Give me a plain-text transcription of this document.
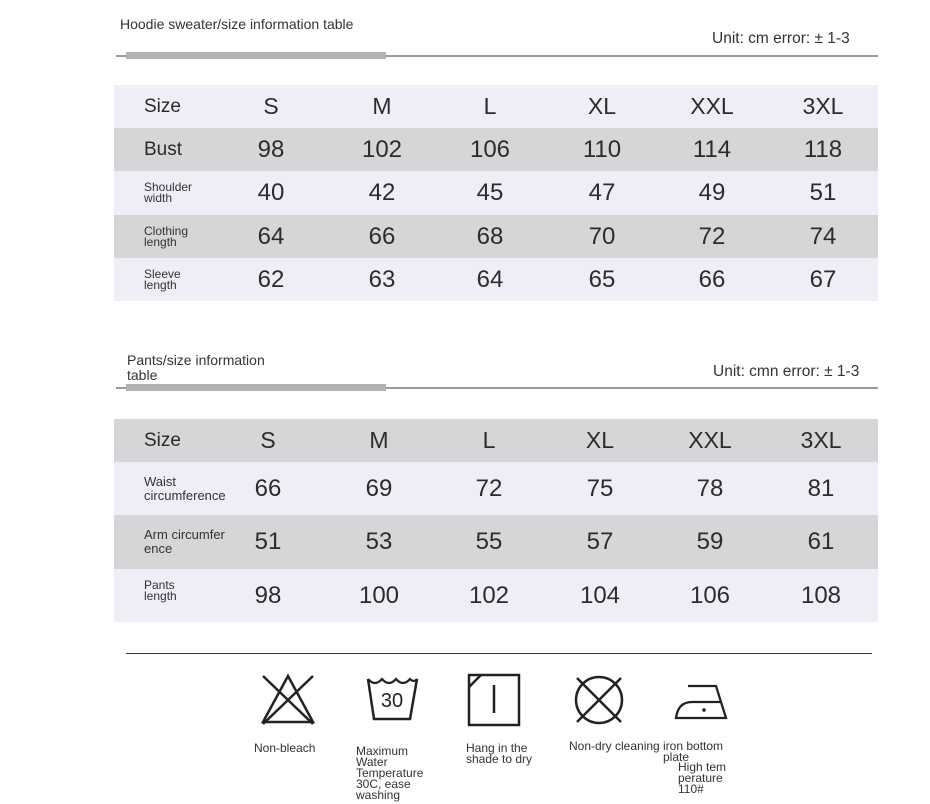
Hoodie sweater/size information table
Unit: cm error: ± 1-3
Size	S	M	L	XL	XXL	3XL
Bust	98	102	106	110	114	118
Shoulder width	40	42	45	47	49	51
Clothing length	64	66	68	70	72	74
Sleeve length	62	63	64	65	66	67
Pants/size information table	Unit: cmn error: ± 1-3
Size	S	M	L	XL	XXL	3XL
Waist circumference	66	69	72	75	78	81
Arm circumference	51	53	55	57	59	61
Pants length	98	100	102	104	106	108
Non-bleach
30
Maximum Water Temperature 30C, ease washing
Hang in the shade to dry
Non-dry cleaning iron bottom plate
High temperature 110#
